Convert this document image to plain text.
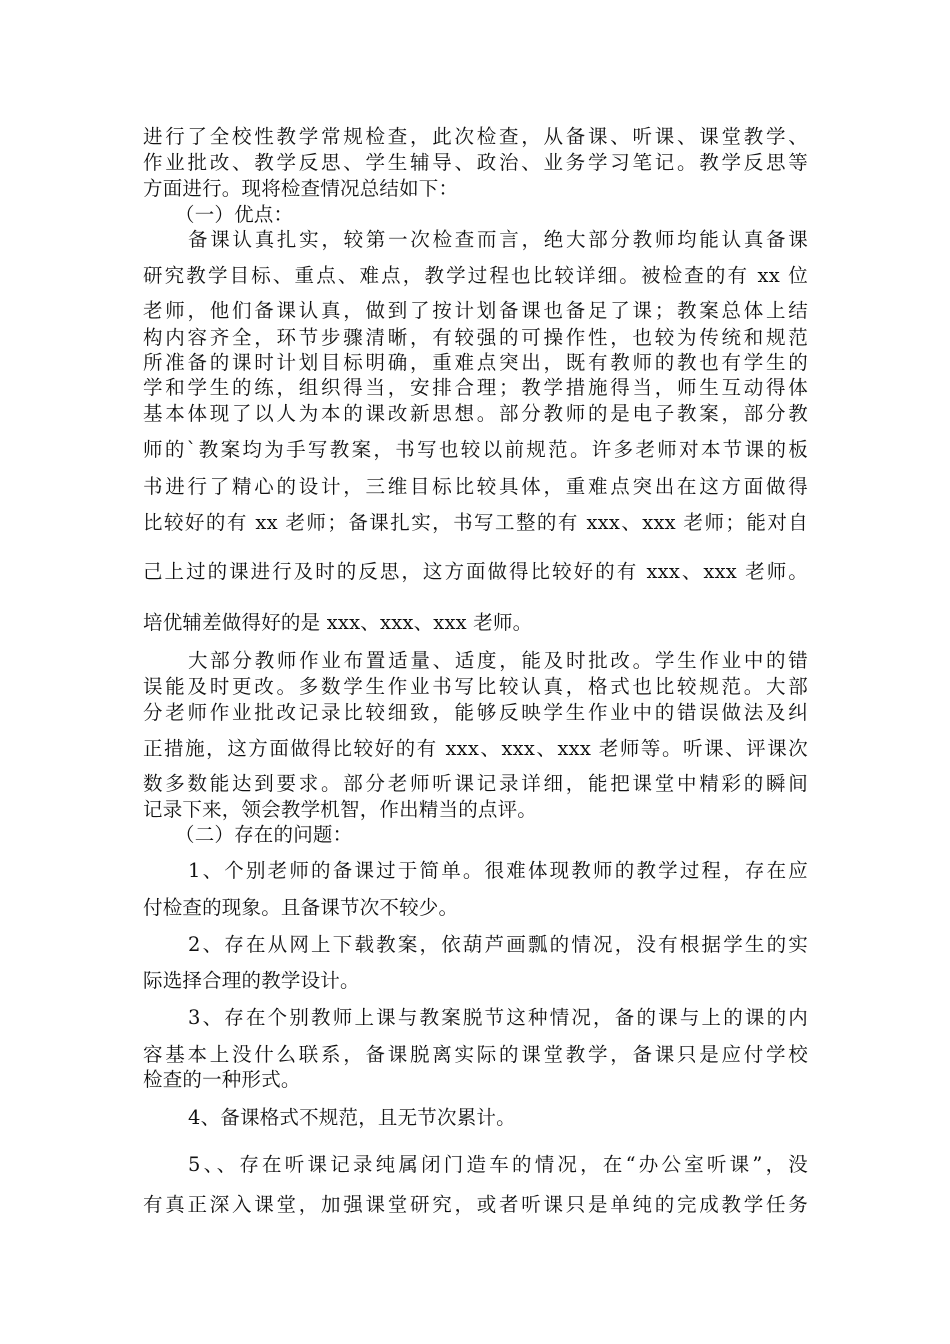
进行了全校性教学常规检查，此次检查，从备课、听课、课堂教学、
作业批改、教学反思、学生辅导、政治、业务学习笔记。教学反思等
方面进行。现将检查情况总结如下：
（一）优点：
备课认真扎实，较第一次检查而言，绝大部分教师均能认真备课
研究教学目标、重点、难点，教学过程也比较详细。被检查的有 xx 位
老师，他们备课认真，做到了按计划备课也备足了课；教案总体上结
构内容齐全，环节步骤清晰，有较强的可操作性，也较为传统和规范
所准备的课时计划目标明确，重难点突出，既有教师的教也有学生的
学和学生的练，组织得当，安排合理；教学措施得当，师生互动得体
基本体现了以人为本的课改新思想。部分教师的是电子教案，部分教
师的`教案均为手写教案，书写也较以前规范。许多老师对本节课的板
书进行了精心的设计，三维目标比较具体，重难点突出在这方面做得
比较好的有 xx 老师；备课扎实，书写工整的有 xxx、xxx 老师；能对自
己上过的课进行及时的反思，这方面做得比较好的有 xxx、xxx 老师。
培优辅差做得好的是 xxx、xxx、xxx 老师。
大部分教师作业布置适量、适度，能及时批改。学生作业中的错
误能及时更改。多数学生作业书写比较认真，格式也比较规范。大部
分老师作业批改记录比较细致，能够反映学生作业中的错误做法及纠
正措施，这方面做得比较好的有 xxx、xxx、xxx 老师等。听课、评课次
数多数能达到要求。部分老师听课记录详细，能把课堂中精彩的瞬间
记录下来，领会教学机智，作出精当的点评。
（二）存在的问题：
1、个别老师的备课过于简单。很难体现教师的教学过程，存在应
付检查的现象。且备课节次不较少。
2、存在从网上下载教案，依葫芦画瓢的情况，没有根据学生的实
际选择合理的教学设计。
3、存在个别教师上课与教案脱节这种情况，备的课与上的课的内
容基本上没什么联系，备课脱离实际的课堂教学，备课只是应付学校
检查的一种形式。
4、备课格式不规范，且无节次累计。
5、、存在听课记录纯属闭门造车的情况，在“办公室听课”，没
有真正深入课堂，加强课堂研究，或者听课只是单纯的完成教学任务
